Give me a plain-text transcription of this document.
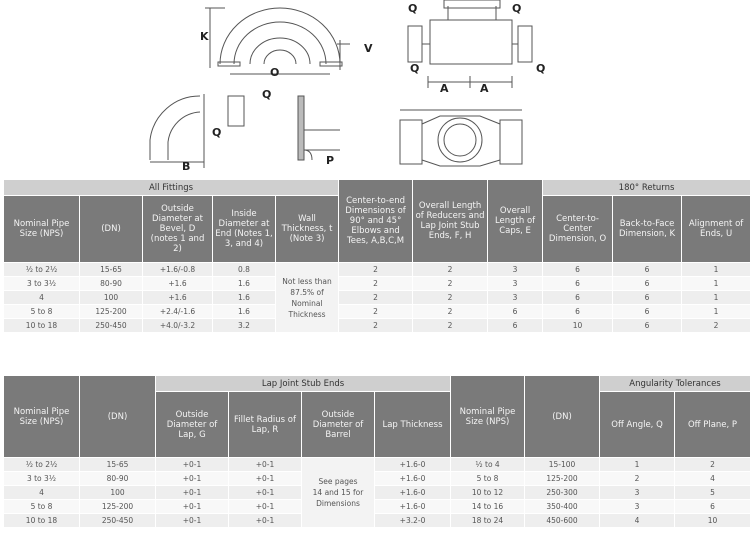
K
O
V
Q	Q
Q	Q
A	A
Q
Q
B	P
All Fittings					Center-to-end Dimensions of 90° and 45° Elbows and Tees, A,B,C,M	Overall Length of Reducers and Lap Joint Stub Ends, F, H	Overall Length of Caps, E	180° Returns		
Nominal Pipe Size (NPS)	(DN)	Outside Diameter at Bevel, D (notes 1 and 2)	Inside Diameter at End (Notes 1, 3, and 4)	Wall Thickness, t (Note 3)				Center-to-Center Dimension, O	Back-to-Face Dimension, K	Alignment of Ends, U
½ to 2½	15-65	+1.6/-0.8	0.8	Not less than
87.5% of
Nominal
Thickness	2	2	3	6	6	1
3 to 3½	80-90	+1.6	1.6		2	2	3	6	6	1
4	100	+1.6	1.6		2	2	3	6	6	1
5 to 8	125-200	+2.4/-1.6	1.6		2	2	6	6	6	1
10 to 18	250-450	+4.0/-3.2	3.2		2	2	6	10	6	2
Nominal Pipe Size (NPS)	(DN)	Lap Joint Stub Ends				Nominal Pipe Size (NPS)	(DN)	Angularity Tolerances	
		Outside Diameter of Lap, G	Fillet Radius of Lap, R	Outside Diameter of Barrel	Lap Thickness			Off Angle, Q	Off Plane, P
½ to 2½	15-65	+0-1	+0-1	See pages
14 and 15 for
Dimensions	+1.6-0	½ to 4	15-100	1	2
3 to 3½	80-90	+0-1	+0-1		+1.6-0	5 to 8	125-200	2	4
4	100	+0-1	+0-1		+1.6-0	10 to 12	250-300	3	5
5 to 8	125-200	+0-1	+0-1		+1.6-0	14 to 16	350-400	3	6
10 to 18	250-450	+0-1	+0-1		+3.2-0	18 to 24	450-600	4	10
